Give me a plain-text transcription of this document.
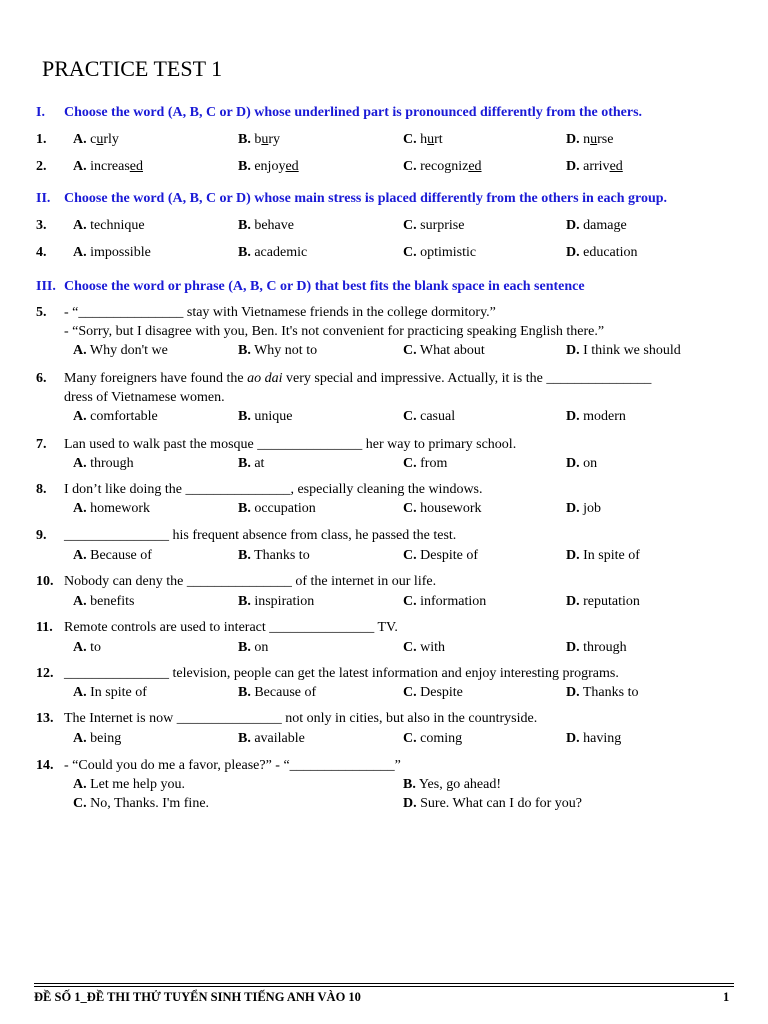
PRACTICE TEST 1
I. Choose the word (A, B, C or D) whose underlined part is pronounced differently from the others.
1. A. curly	B. bury	C. hurt	D. nurse
2. A. increased	B. enjoyed	C. recognized	D. arrived
II. Choose the word (A, B, C or D) whose main stress is placed differently from the others in each group.
3. A. technique	B. behave	C. surprise	D. damage
4. A. impossible	B. academic	C. optimistic	D. education
III. Choose the word or phrase (A, B, C or D) that best fits the blank space in each sentence
5. - “_______________ stay with Vietnamese friends in the college dormitory.”
- “Sorry, but I disagree with you, Ben. It's not convenient for practicing speaking English there.”
A. Why don't we	B. Why not to	C. What about	D. I think we should
6. Many foreigners have found the ao dai very special and impressive. Actually, it is the _______________
dress of Vietnamese women.
A. comfortable	B. unique	C. casual	D. modern
7. Lan used to walk past the mosque _______________ her way to primary school.
A. through	B. at	C. from	D. on
8. I don’t like doing the _______________, especially cleaning the windows.
A. homework	B. occupation	C. housework	D. job
9. _______________ his frequent absence from class, he passed the test.
A. Because of	B. Thanks to	C. Despite of	D. In spite of
10. Nobody can deny the _______________ of the internet in our life.
A. benefits	B. inspiration	C. information	D. reputation
11. Remote controls are used to interact _______________ TV.
A. to	B. on	C. with	D. through
12. _______________ television, people can get the latest information and enjoy interesting programs.
A. In spite of	B. Because of	C. Despite	D. Thanks to
13. The Internet is now _______________ not only in cities, but also in the countryside.
A. being	B. available	C. coming	D. having
14. - “Could you do me a favor, please?” - “_______________”
A. Let me help you.	B. Yes, go ahead!
C. No, Thanks. I'm fine.	D. Sure. What can I do for you?
ĐỀ SỐ 1_ĐỀ THI THỬ TUYỂN SINH TIẾNG ANH VÀO 10	1
